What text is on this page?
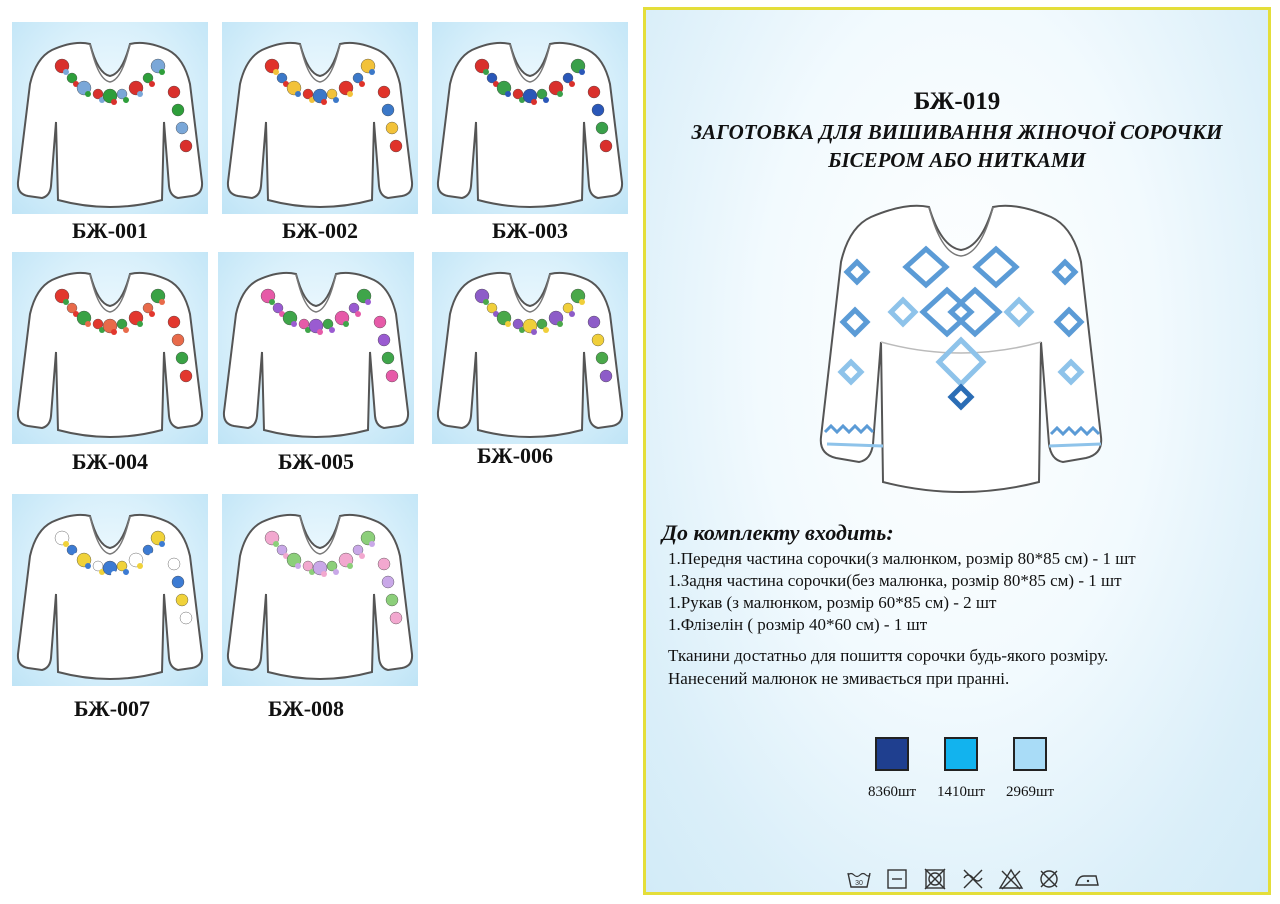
БЖ-001	БЖ-002	БЖ-003
БЖ-004	БЖ-005	БЖ-006
БЖ-007	БЖ-008
БЖ-019
ЗАГОТОВКА ДЛЯ ВИШИВАННЯ ЖІНОЧОЇ СОРОЧКИ
БІСЕРОМ АБО НИТКАМИ
До комплекту входить:
1.Передня частина сорочки(з малюнком, розмір 80*85 см) - 1 шт
1.Задня частина сорочки(без малюнка, розмір 80*85 см) - 1 шт
1.Рукав (з малюнком, розмір 60*85 см) - 2 шт
1.Флізелін ( розмір 40*60 см) - 1 шт
Тканини достатньо для пошиття сорочки будь-якого розміру.
Нанесений малюнок не змивається при пранні.
8360шт	1410шт	2969шт
30
